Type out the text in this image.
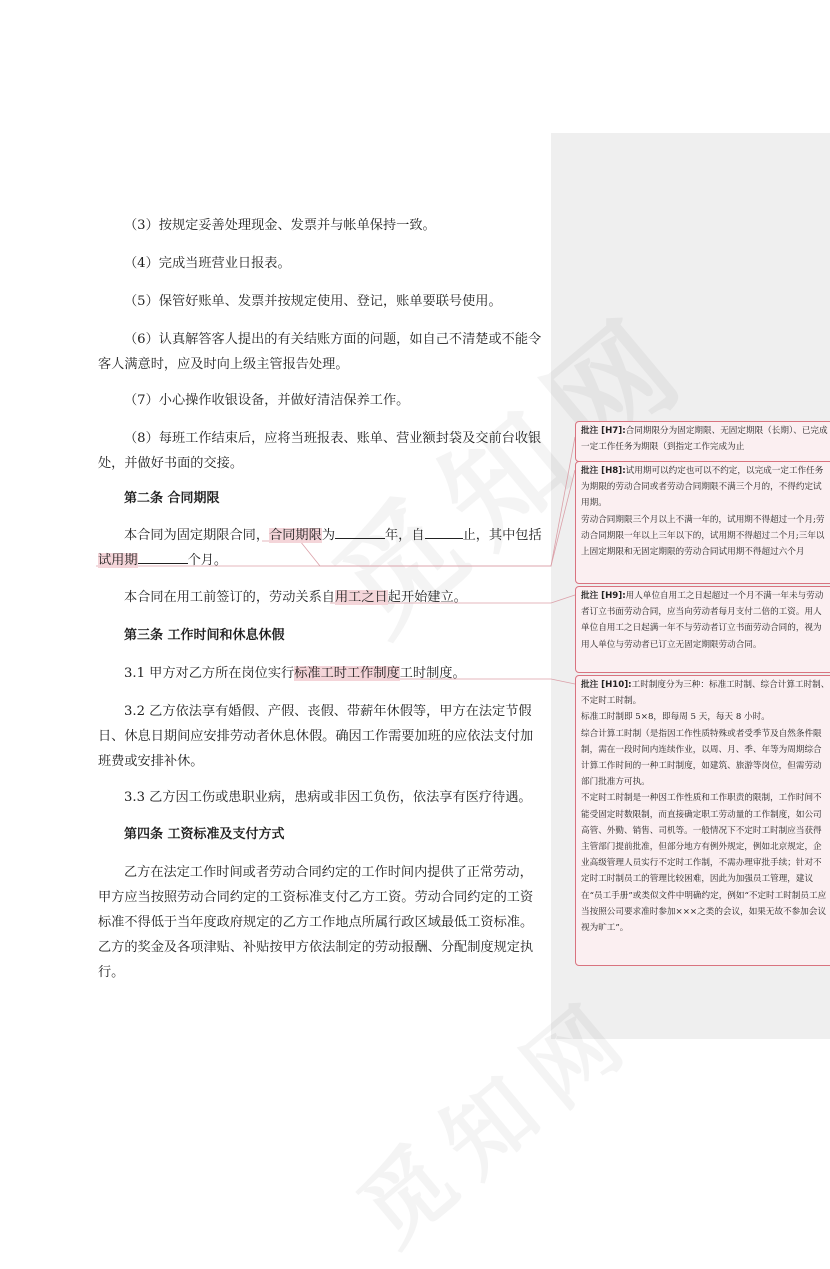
（3）按规定妥善处理现金、发票并与帐单保持一致。

（4）完成当班营业日报表。

（5）保管好账单、发票并按规定使用、登记，账单要联号使用。

（6）认真解答客人提出的有关结账方面的问题，如自己不清楚或不能令客人满意时，应及时向上级主管报告处理。

（7）小心操作收银设备，并做好清洁保养工作。

（8）每班工作结束后，应将当班报表、账单、营业额封袋及交前台收银处，并做好书面的交接。

第二条 合同期限

本合同为固定期限合同，合同期限为	年，自	止，其中包括试用期	个月。

本合同在用工前签订的，劳动关系自用工之日起开始建立。

第三条 工作时间和休息休假

3.1 甲方对乙方所在岗位实行标准工时工作制度工时制度。

3.2 乙方依法享有婚假、产假、丧假、带薪年休假等，甲方在法定节假日、休息日期间应安排劳动者休息休假。确因工作需要加班的应依法支付加班费或安排补休。

3.3 乙方因工伤或患职业病，患病或非因工负伤，依法享有医疗待遇。

第四条 工资标准及支付方式

乙方在法定工作时间或者劳动合同约定的工作时间内提供了正常劳动，甲方应当按照劳动合同约定的工资标准支付乙方工资。劳动合同约定的工资标准不得低于当年度政府规定的乙方工作地点所属行政区域最低工资标准。乙方的奖金及各项津贴、补贴按甲方依法制定的劳动报酬、分配制度规定执行。

批注 [H7]:合同期限分为固定期限、无固定期限（长期）、已完成一定工作任务为期限（到指定工作完成为止

批注 [H8]:试用期可以约定也可以不约定，以完成一定工作任务为期限的劳动合同或者劳动合同期限不满三个月的，不得约定试用期。

劳动合同期限三个月以上不满一年的，试用期不得超过一个月;劳动合同期限一年以上三年以下的，试用期不得超过二个月;三年以上固定期限和无固定期限的劳动合同试用期不得超过六个月

批注 [H9]:用人单位自用工之日起超过一个月不满一年未与劳动者订立书面劳动合同，应当向劳动者每月支付二倍的工资。用人单位自用工之日起满一年不与劳动者订立书面劳动合同的，视为用人单位与劳动者已订立无固定期限劳动合同。

批注 [H10]:工时制度分为三种：标准工时制、综合计算工时制、不定时工时制。

标准工时制即 5×8，即每周 5 天，每天 8 小时。

综合计算工时制（是指因工作性质特殊或者受季节及自然条件限制，需在一段时间内连续作业，以周、月、季、年等为周期综合计算工作时间的一种工时制度，如建筑、旅游等岗位，但需劳动部门批准方可执。

不定时工时制是一种因工作性质和工作职责的限制，工作时间不能受固定时数限制，而直接确定职工劳动量的工作制度，如公司高管、外勤、销售、司机等。一般情况下不定时工时制应当获得主管部门提前批准，但部分地方有例外规定，例如北京规定，企业高级管理人员实行不定时工作制，不需办理审批手续；针对不定时工时制员工的管理比较困难，因此为加强员工管理，建议在“员工手册”或类似文件中明确约定，例如“不定时工时制员工应当按照公司要求准时参加×××之类的会议，如果无故不参加会议视为旷工”。
